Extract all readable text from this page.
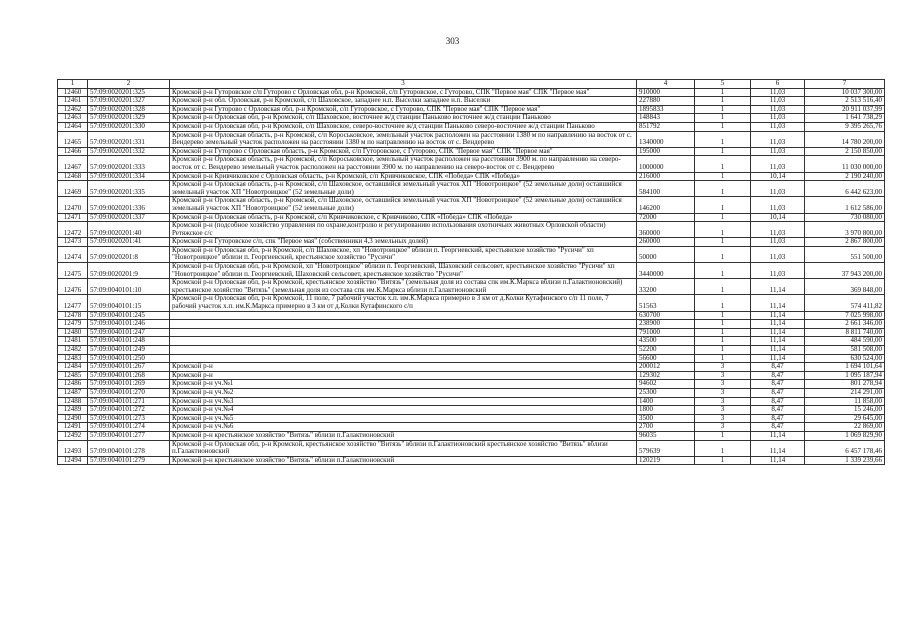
303
1	2	3	4	5	6	7
12460	57:09:0020201:325	Кромской р-н Гуторовское с/п Гуторово с Орловская обл, р-н Кромской, с/п Гуторовское, с Гуторово, СПК "Первое мая" СПК "Первое мая"	910000	1	11,03	10 037 300,00
12461	57:09:0020201:327	Кромской р-н обл. Орловская, р-н Кромской, с/п Шаховское, западнее н.п. Выселки западнее н.п. Выселки	227880	1	11,03	2 513 516,40
12462	57:09:0020201:328	Кромской р-н Гуторово с Орловская обл, р-н Кромской, с/п Гуторовское, с Гуторово, СПК "Первое мая" СПК "Первое мая"	1895833	1	11,03	20 911 037,99
12463	57:09:0020201:329	Кромской р-н Орловская обл, р-н Кромской, с/п Шаховское, восточнее ж/д станции Паньково восточнее ж/д станции Паньково	148843	1	11,03	1 641 738,29
12464	57:09:0020201:330	Кромской р-н Орловская обл, р-н Кромской, с/п Шаховское, северо-восточнее ж/д станции Паньково северо-восточнее ж/д станции Паньково	851792	1	11,03	9 395 265,76
12465	57:09:0020201:331	Кромской р-н Орловская область, р-н Кромской, с/п Короськовское, земельный участок расположен на расстоянии 1380 м по направлению на восток от с. Вендерево земельный участок расположен на расстоянии 1380 м по направлению на восток от с. Вендерево	1340000	1	11,03	14 780 200,00
12466	57:09:0020201:332	Кромской р-н Гуторово с Орловская область, р-н Кромской, с/п Гуторовское, с Гуторово, СПК "Первое мая" СПК "Первое мая"	195000	1	11,03	2 150 850,00
12467	57:09:0020201:333	Кромской р-н Орловская область, р-н Кромской, с/п Короськовское, земельный участок расположен на расстоянии 3900 м. по направлению на северо-восток от с. Вендерево земельный участок расположен на расстоянии 3900 м. по направлению на северо-восток от с. Вендерево	1000000	1	11,03	11 030 000,00
12468	57:09:0020201:334	Кромской р-н Кривчиковское с Орловская область, р-н Кромской, с/п Кривчиковское, СПК «Победа» СПК «Победа»	216000	1	10,14	2 190 240,00
12469	57:09:0020201:335	Кромской р-н Орловская область, р-н Кромской, с/п Шаховское, оставшийся земельный участок ХП "Новотроицкое" (52 земельные доли) оставшийся земельный участок ХП "Новотроицкое" (52 земельные доли)	584100	1	11,03	6 442 623,00
12470	57:09:0020201:336	Кромской р-н Орловская область, р-н Кромской, с/п Шаховское, оставшийся земельный участок ХП "Новотроицкое" (52 земельные доли) оставшийся земельный участок ХП "Новотроицкое" (52 земельные доли)	146200	1	11,03	1 612 586,00
12471	57:09:0020201:337	Кромской р-н Орловская область, р-н Кромской, с/п Кривчиковское, с Кривчиково, СПК «Победа» СПК «Победа»	72000	1	10,14	730 080,00
12472	57:09:0020201:40	Кромской р-н (подсобное хозяйство управления по охране,контролю и регулированию использования охотничьих животных Орловской области) Ретяжское с/с	360000	1	11,03	3 970 800,00
12473	57:09:0020201:41	Кромской р-н Гуторовское с/п, спк "Первое мая" (собственники 4,3 земельных долей)	260000	1	11,03	2 867 800,00
12474	57:09:0020201:8	Кромской р-н Орловская обл, р-н Кромской, с/п Шаховское, хп "Новотроицкое" вблизи п. Георгиевский, крестьянское хозяйство "Русичи" хп "Новотроицкое" вблизи п. Георгиевский, крестьянское хозяйство "Русичи"	50000	1	11,03	551 500,00
12475	57:09:0020201:9	Кромской р-н Орловская обл, р-н Кромской, хп "Новотроицкое" вблизи п. Георгиевский, Шаховский сельсовет, крестьянское хозяйство "Русичи" хп "Новотроицкое" вблизи п. Георгиевский, Шаховский сельсовет, крестьянское хозяйство "Русичи"	3440000	1	11,03	37 943 200,00
12476	57:09:0040101:10	Кромской р-н Орловская обл, р-н Кромской, крестьянское хозяйство "Витязь" (земельная доля из состава спк им.К.Маркса вблизи п.Галактионовский) крестьянское хозяйство "Витязь" (земельная доля из состава спк им.К.Маркса вблизи п.Галактионовский	33200	1	11,14	369 848,00
12477	57:09:0040101:15	Кромской р-н Орловская обл, р-н Кромской, 11 поле, 7 рабочий участок х.п. им.К.Маркса примерно в 3 км от д.Колки Кутафинского с/п 11 поле, 7 рабочий участок х.п. им.К.Маркса примерно в 3 км от д.Колки Кутафинского с/п	51563	1	11,14	574 411,82
12478	57:09:0040101:245		630700	1	11,14	7 025 998,00
12479	57:09:0040101:246		238900	1	11,14	2 661 346,00
12480	57:09:0040101:247		791000	1	11,14	8 811 740,00
12481	57:09:0040101:248		43500	1	11,14	484 590,00
12482	57:09:0040101:249		52200	1	11,14	581 508,00
12483	57:09:0040101:250		56600	1	11,14	630 524,00
12484	57:09:0040101:267	Кромской р-н	200012	3	8,47	1 694 101,64
12485	57:09:0040101:268	Кромской р-н	129302	3	8,47	1 095 187,94
12486	57:09:0040101:269	Кромской р-н уч.№1	94602	3	8,47	801 278,94
12487	57:09:0040101:270	Кромской р-н уч.№2	25300	3	8,47	214 291,00
12488	57:09:0040101:271	Кромской р-н уч.№3	1400	3	8,47	11 858,00
12489	57:09:0040101:272	Кромской р-н уч.№4	1800	3	8,47	15 246,00
12490	57:09:0040101:273	Кромской р-н уч.№5	3500	3	8,47	29 645,00
12491	57:09:0040101:274	Кромской р-н уч.№6	2700	3	8,47	22 869,00
12492	57:09:0040101:277	Кромской р-н крестьянское хозяйство "Витязь" вблизи п.Галактионовский	96035	1	11,14	1 069 829,90
12493	57:09:0040101:278	Кромской р-н Орловская обл, р-н Кромской, крестьянское хозяйство "Витязь" вблизи п.Галактионовский крестьянское хозяйство "Витязь" вблизи п.Галактионовский	579639	1	11,14	6 457 178,46
12494	57:09:0040101:279	Кромской р-н крестьянское хозяйство "Витязь" вблизи п.Галактионовский	120219	1	11,14	1 339 239,66
